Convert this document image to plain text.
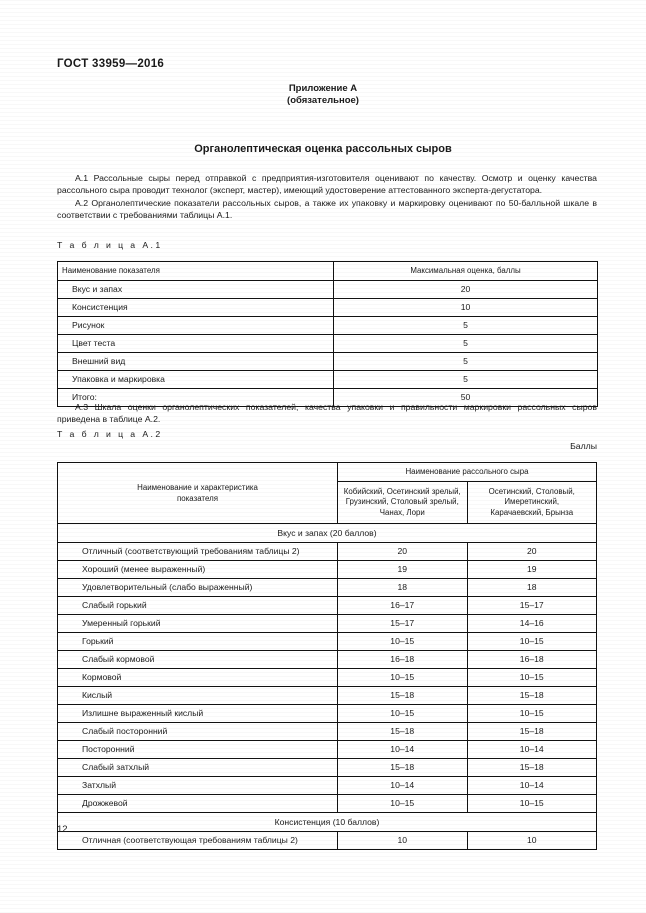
ГОСТ 33959—2016
Приложение А
(обязательное)
Органолептическая оценка рассольных сыров

А.1 Рассольные сыры перед отправкой с предприятия-изготовителя оценивают по качеству. Осмотр и оценку качества рассольного сыра проводит технолог (эксперт, мастер), имеющий удостоверение аттестованного эксперта-дегустатора.

А.2 Органолептические показатели рассольных сыров, а также их упаковку и маркировку оценивают по 50-балльной шкале в соответствии с требованиями таблицы А.1.

Т а б л и ц а А.1
Наименование показателя	Максимальная оценка, баллы
Вкус и запах	20
Консистенция	10
Рисунок	5
Цвет теста	5
Внешний вид	5
Упаковка и маркировка	5
Итого:	50

А.3 Шкала оценки органолептических показателей, качества упаковки и правильности маркировки рассольных сыров приведена в таблице А.2.

Т а б л и ц а А.2
Баллы
Наименование и характеристика
показателя	Наименование рассольного сыра	
	Кобийский, Осетинский зрелый,
Грузинский, Столовый зрелый,
Чанах, Лори	Осетинский, Столовый,
Имеретинский,
Карачаевский, Брынза
Вкус и запах (20 баллов)		
Отличный (соответствующий требованиям таблицы 2)	20	20
Хороший (менее выраженный)	19	19
Удовлетворительный (слабо выраженный)	18	18
Слабый горький	16–17	15–17
Умеренный горький	15–17	14–16
Горький	10–15	10–15
Слабый кормовой	16–18	16–18
Кормовой	10–15	10–15
Кислый	15–18	15–18
Излишне выраженный кислый	10–15	10–15
Слабый посторонний	15–18	15–18
Посторонний	10–14	10–14
Слабый затхлый	15–18	15–18
Затхлый	10–14	10–14
Дрожжевой	10–15	10–15
Консистенция (10 баллов)		
Отличная (соответствующая требованиям таблицы 2)	10	10
12
